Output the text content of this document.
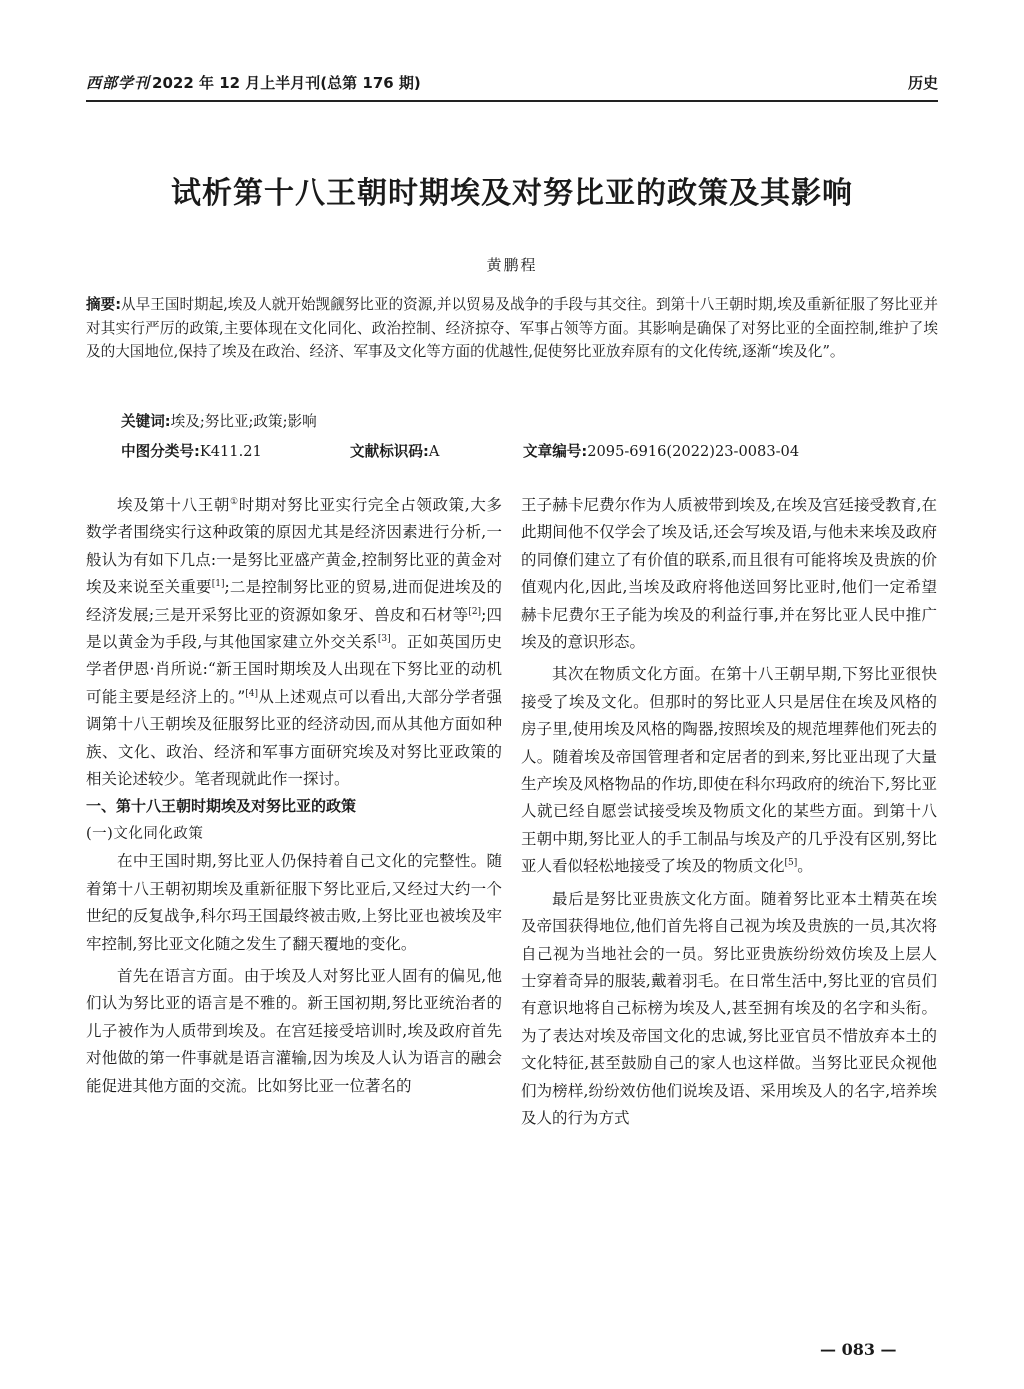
西部学刊 2022 年 12 月上半月刊(总第 176 期)	历史
试析第十八王朝时期埃及对努比亚的政策及其影响
黄鹏程
摘要:从早王国时期起,埃及人就开始觊觎努比亚的资源,并以贸易及战争的手段与其交往。到第十八王朝时期,埃及重新征服了努比亚并对其实行严厉的政策,主要体现在文化同化、政治控制、经济掠夺、军事占领等方面。其影响是确保了对努比亚的全面控制,维护了埃及的大国地位,保持了埃及在政治、经济、军事及文化等方面的优越性,促使努比亚放弃原有的文化传统,逐渐“埃及化”。
关键词:埃及;努比亚;政策;影响
中图分类号:K411.21	文献标识码:A	文章编号:2095-6916(2022)23-0083-04

埃及第十八王朝①时期对努比亚实行完全占领政策,大多数学者围绕实行这种政策的原因尤其是经济因素进行分析,一般认为有如下几点:一是努比亚盛产黄金,控制努比亚的黄金对埃及来说至关重要[1];二是控制努比亚的贸易,进而促进埃及的经济发展;三是开采努比亚的资源如象牙、兽皮和石材等[2];四是以黄金为手段,与其他国家建立外交关系[3]。正如英国历史学者伊恩·肖所说:“新王国时期埃及人出现在下努比亚的动机可能主要是经济上的。”[4]从上述观点可以看出,大部分学者强调第十八王朝埃及征服努比亚的经济动因,而从其他方面如种族、文化、政治、经济和军事方面研究埃及对努比亚政策的相关论述较少。笔者现就此作一探讨。

一、第十八王朝时期埃及对努比亚的政策
(一)文化同化政策

在中王国时期,努比亚人仍保持着自己文化的完整性。随着第十八王朝初期埃及重新征服下努比亚后,又经过大约一个世纪的反复战争,科尔玛王国最终被击败,上努比亚也被埃及牢牢控制,努比亚文化随之发生了翻天覆地的变化。

首先在语言方面。由于埃及人对努比亚人固有的偏见,他们认为努比亚的语言是不雅的。新王国初期,努比亚统治者的儿子被作为人质带到埃及。在宫廷接受培训时,埃及政府首先对他做的第一件事就是语言灌输,因为埃及人认为语言的融会能促进其他方面的交流。比如努比亚一位著名的

王子赫卡尼费尔作为人质被带到埃及,在埃及宫廷接受教育,在此期间他不仅学会了埃及话,还会写埃及语,与他未来埃及政府的同僚们建立了有价值的联系,而且很有可能将埃及贵族的价值观内化,因此,当埃及政府将他送回努比亚时,他们一定希望赫卡尼费尔王子能为埃及的利益行事,并在努比亚人民中推广埃及的意识形态。

其次在物质文化方面。在第十八王朝早期,下努比亚很快接受了埃及文化。但那时的努比亚人只是居住在埃及风格的房子里,使用埃及风格的陶器,按照埃及的规范埋葬他们死去的人。随着埃及帝国管理者和定居者的到来,努比亚出现了大量生产埃及风格物品的作坊,即使在科尔玛政府的统治下,努比亚人就已经自愿尝试接受埃及物质文化的某些方面。到第十八王朝中期,努比亚人的手工制品与埃及产的几乎没有区别,努比亚人看似轻松地接受了埃及的物质文化[5]。

最后是努比亚贵族文化方面。随着努比亚本土精英在埃及帝国获得地位,他们首先将自己视为埃及贵族的一员,其次将自己视为当地社会的一员。努比亚贵族纷纷效仿埃及上层人士穿着奇异的服装,戴着羽毛。在日常生活中,努比亚的官员们有意识地将自己标榜为埃及人,甚至拥有埃及的名字和头衔。为了表达对埃及帝国文化的忠诚,努比亚官员不惜放弃本土的文化特征,甚至鼓励自己的家人也这样做。当努比亚民众视他们为榜样,纷纷效仿他们说埃及语、采用埃及人的名字,培养埃及人的行为方式

— 083 —
